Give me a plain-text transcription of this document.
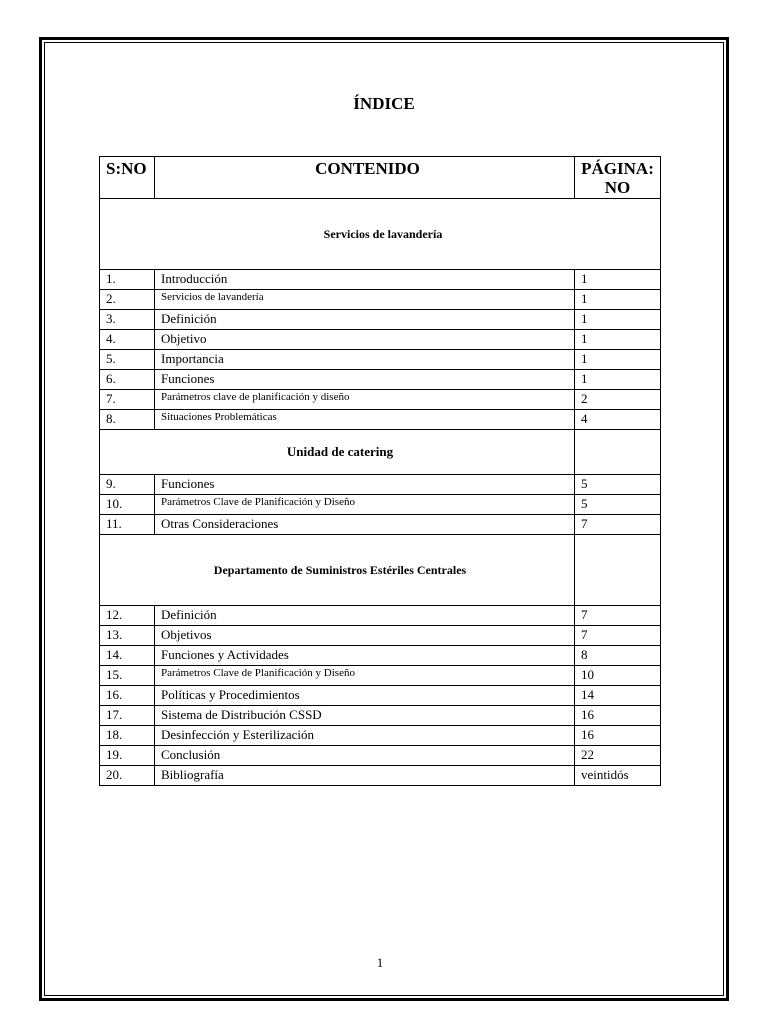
ÍNDICE
S:NO	CONTENIDO	PÁGINA: NO
Servicios de lavandería		
1.	Introducción	1
2.	Servicios de lavandería	1
3.	Definición	1
4.	Objetivo	1
5.	Importancia	1
6.	Funciones	1
7.	Parámetros clave de planificación y diseño	2
8.	Situaciones Problemáticas	4
Unidad de catering		
9.	Funciones	5
10.	Parámetros Clave de Planificación y Diseño	5
11.	Otras Consideraciones	7
Departamento de Suministros Estériles Centrales		
12.	Definición	7
13.	Objetivos	7
14.	Funciones y Actividades	8
15.	Parámetros Clave de Planificación y Diseño	10
16.	Políticas y Procedimientos	14
17.	Sistema de Distribución CSSD	16
18.	Desinfección y Esterilización	16
19.	Conclusión	22
20.	Bibliografía	veintidós
1
